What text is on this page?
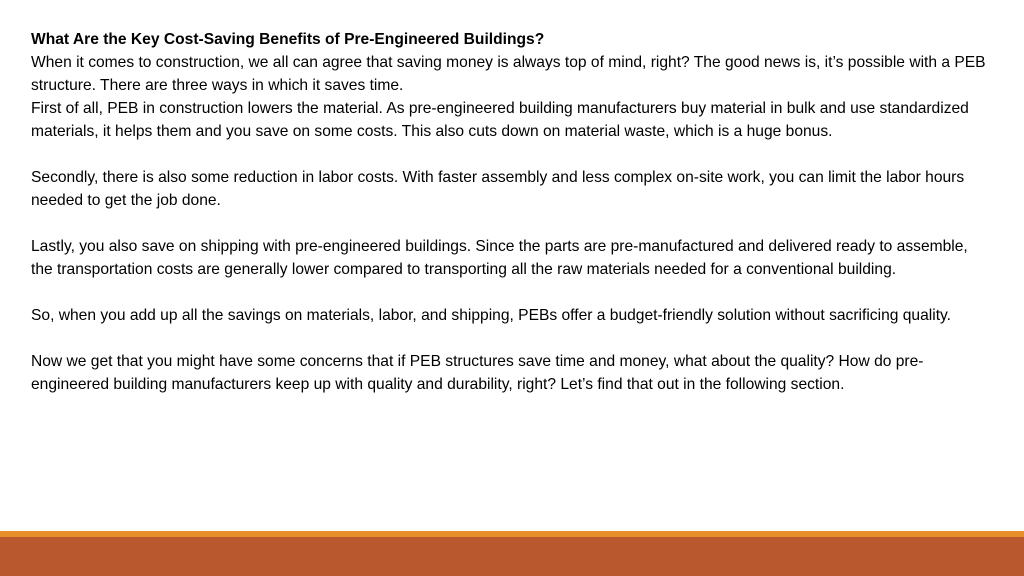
What Are the Key Cost-Saving Benefits of Pre-Engineered Buildings?

When it comes to construction, we all can agree that saving money is always top of mind, right? The good news is, it’s possible with a PEB structure. There are three ways in which it saves time.

First of all, PEB in construction lowers the material. As pre-engineered building manufacturers buy material in bulk and use standardized materials, it helps them and you save on some costs. This also cuts down on material waste, which is a huge bonus.

Secondly, there is also some reduction in labor costs. With faster assembly and less complex on-site work, you can limit the labor hours needed to get the job done.

Lastly, you also save on shipping with pre-engineered buildings. Since the parts are pre-manufactured and delivered ready to assemble, the transportation costs are generally lower compared to transporting all the raw materials needed for a conventional building.

So, when you add up all the savings on materials, labor, and shipping, PEBs offer a budget-friendly solution without sacrificing quality.

Now we get that you might have some concerns that if PEB structures save time and money, what about the quality? How do pre-engineered building manufacturers keep up with quality and durability, right? Let’s find that out in the following section.
